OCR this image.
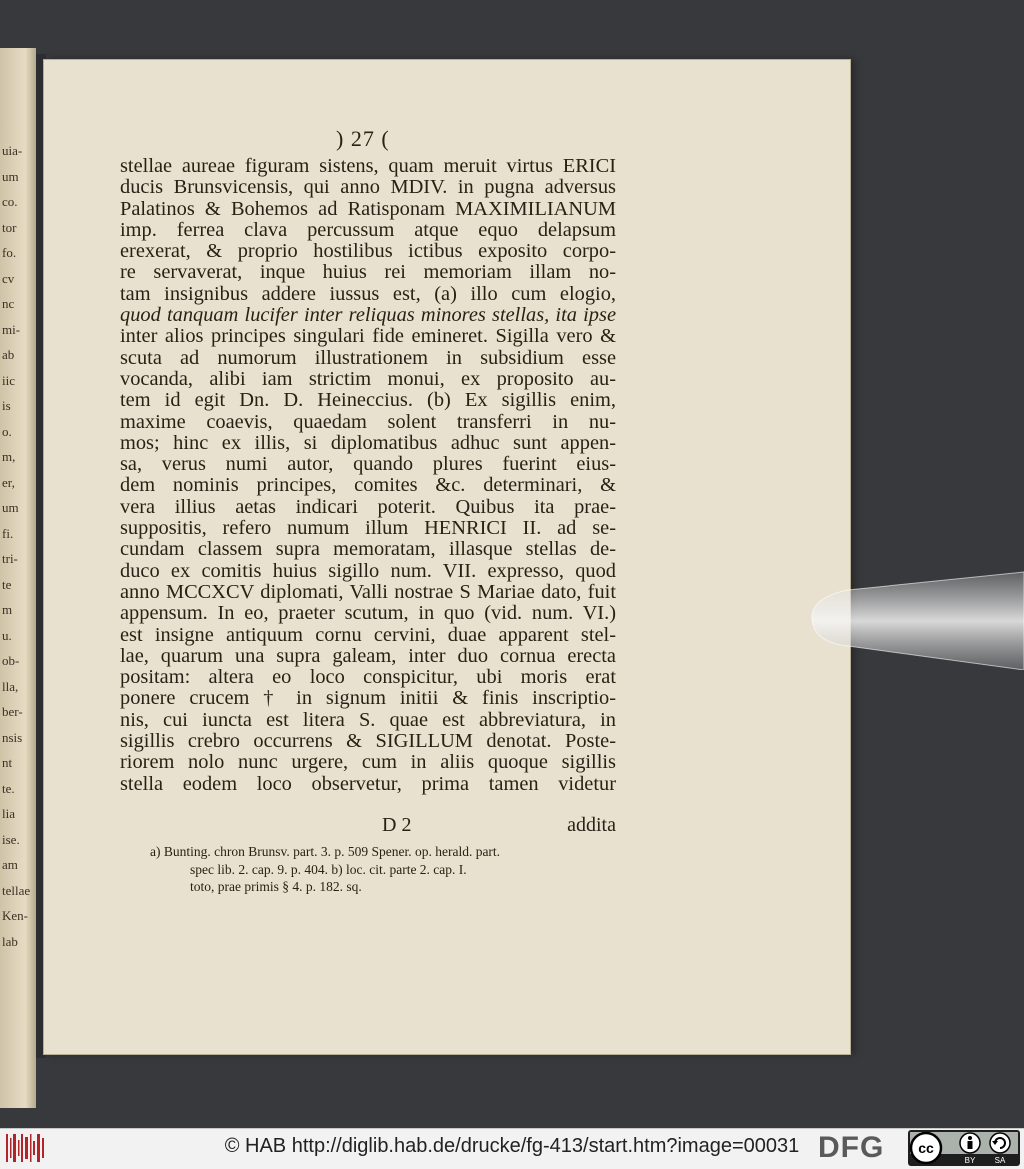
uia-
um
co.
tor
fo.
cv
nc
mi-
ab
iic
is
o.
m,
er,
um
fi.
tri-
te
m
u.
ob-
lla,
ber-
nsis
nt
te.
lia
ise.
am
tellae
Ken-
lab
) 27 (
stellae aureae figuram sistens, quam meruit virtus ERICI
ducis Brunsvicensis, qui anno MDIV. in pugna adversus
Palatinos & Bohemos ad Ratisponam MAXIMILIANUM
imp. ferrea clava percussum atque equo delapsum
erexerat, & proprio hostilibus ictibus exposito corpo-
re servaverat, inque huius rei memoriam illam no-
tam insignibus addere iussus est, (a) illo cum elogio,
quod tanquam lucifer inter reliquas minores stellas, ita ipse
inter alios principes singulari fide emineret. Sigilla vero &
scuta ad numorum illustrationem in subsidium esse
vocanda, alibi iam strictim monui, ex proposito au-
tem id egit Dn. D. Heineccius. (b) Ex sigillis enim,
maxime coaevis, quaedam solent transferri in nu-
mos; hinc ex illis, si diplomatibus adhuc sunt appen-
sa, verus numi autor, quando plures fuerint eius-
dem nominis principes, comites &c. determinari, &
vera illius aetas indicari poterit. Quibus ita prae-
suppositis, refero numum illum HENRICI II. ad se-
cundam classem supra memoratam, illasque stellas de-
duco ex comitis huius sigillo num. VII. expresso, quod
anno MCCXCV diplomati, Valli nostrae S Mariae dato, fuit
appensum. In eo, praeter scutum, in quo (vid. num. VI.)
est insigne antiquum cornu cervini, duae apparent stel-
lae, quarum una supra galeam, inter duo cornua erecta
positam: altera eo loco conspicitur, ubi moris erat
ponere crucem † in signum initii & finis inscriptio-
nis, cui iuncta est litera S. quae est abbreviatura, in
sigillis crebro occurrens & SIGILLUM denotat. Poste-
riorem nolo nunc urgere, cum in aliis quoque sigillis
stella eodem loco observetur, prima tamen videtur
D 2	addita
a) Bunting. chron Brunsv. part. 3. p. 509 Spener. op. herald. part.
spec lib. 2. cap. 9. p. 404. b) loc. cit. parte 2. cap. I.
toto, prae primis § 4. p. 182. sq.
© HAB http://diglib.hab.de/drucke/fg-413/start.htm?image=00031 DFG cc
BY SA
